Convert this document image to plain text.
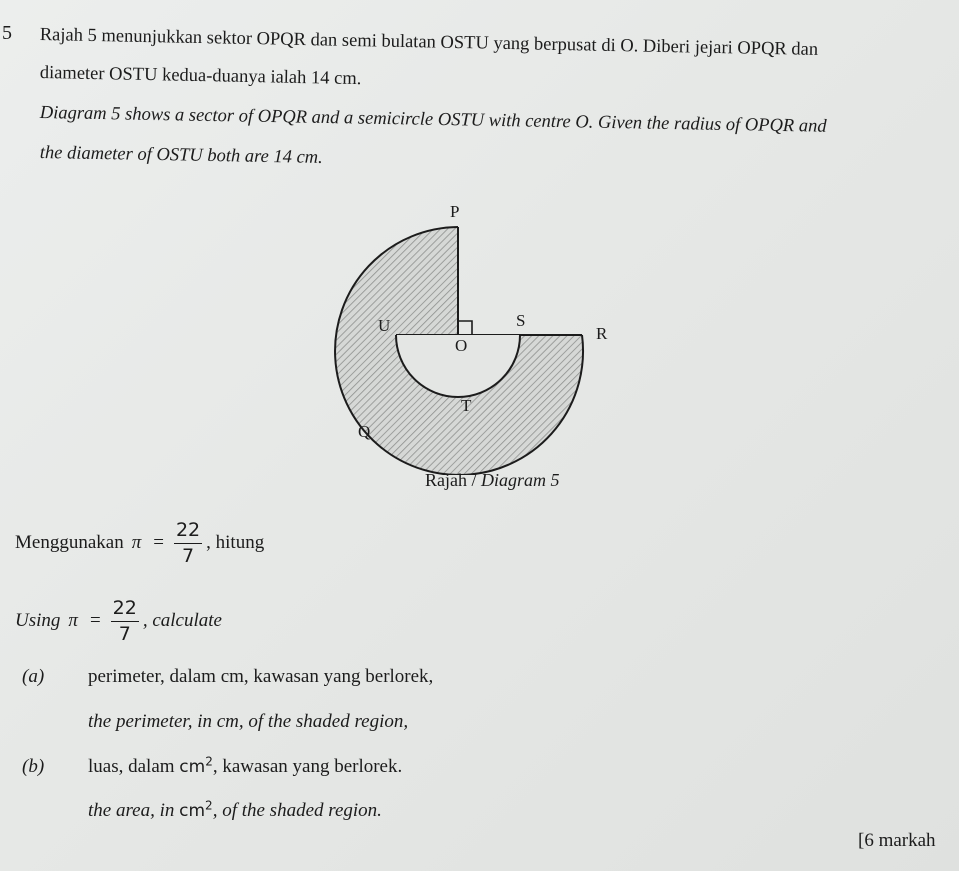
5 Rajah 5 menunjukkan sektor OPQR dan semi bulatan OSTU yang berpusat di O. Diberi jejari OPQR dan
diameter OSTU kedua-duanya ialah 14 cm.
Diagram 5 shows a sector of OPQR and a semicircle OSTU with centre O. Given the radius of OPQR and
the diameter of OSTU both are 14 cm.
P
U	S
R
O
T
Q
Rajah / Diagram 5
Menggunakan $\pi = \frac{22}{7}$ , hitung
Using $\pi = \frac{22}{7}$ , calculate
(a) perimeter, dalam cm, kawasan yang berlorek,
the perimeter, in cm, of the shaded region,
(b) luas, dalam $cm^2$, kawasan yang berlorek.
the area, in $cm^2$, of the shaded region.
[6 markah
